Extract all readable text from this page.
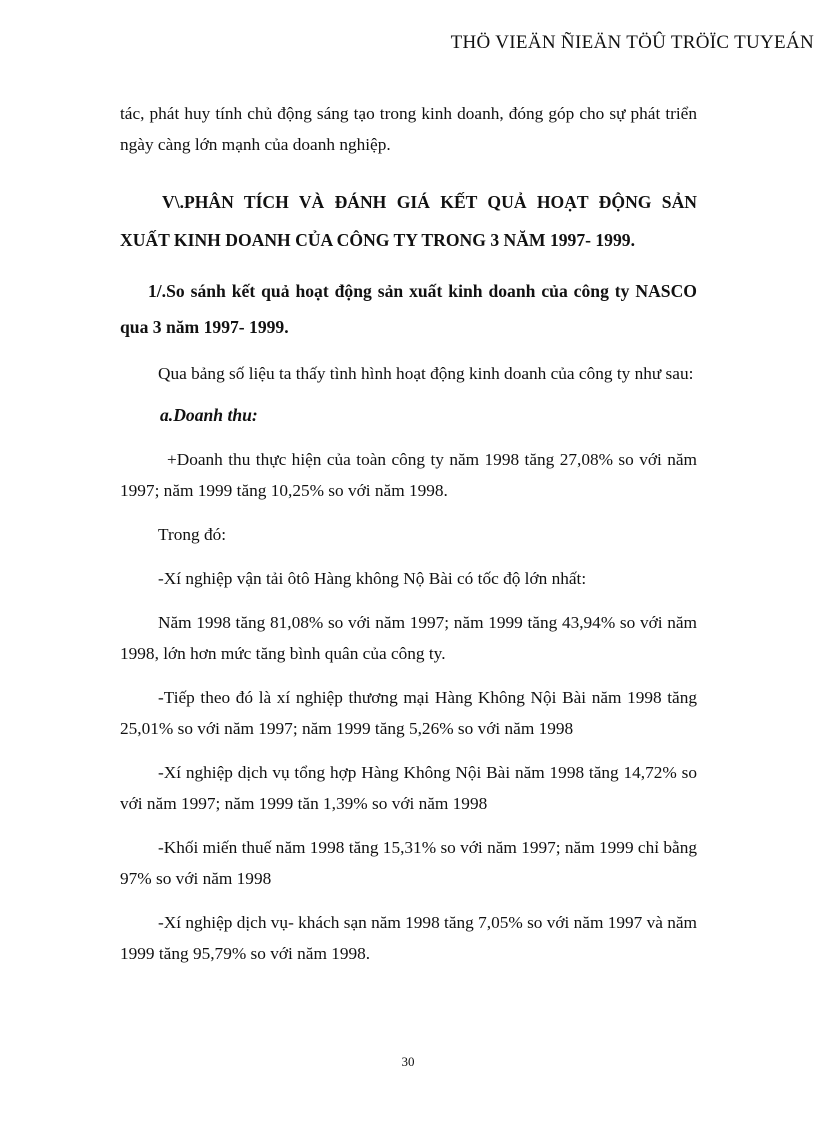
THÖ VIEÄN ÑIEÄN TÖÛ TRÖÏC TUYEÁN

tác, phát huy tính chủ động sáng tạo trong kinh doanh, đóng góp cho sự phát triển ngày càng lớn mạnh của doanh nghiệp.

V\.PHÂN TÍCH VÀ ĐÁNH GIÁ KẾT QUẢ HOẠT ĐỘNG SẢN XUẤT KINH DOANH CỦA CÔNG TY TRONG 3 NĂM 1997- 1999.

1/.So sánh kết quả hoạt động sản xuất kinh doanh của công ty NASCO qua 3 năm 1997- 1999.

Qua bảng số liệu ta thấy tình hình hoạt động kinh doanh của công ty như sau:

a.Doanh thu:

+Doanh thu thực hiện của toàn công ty năm 1998 tăng 27,08% so với năm 1997; năm 1999 tăng 10,25% so với năm 1998.

Trong đó:

-Xí nghiệp vận tải ôtô Hàng không Nộ Bài có tốc độ lớn nhất:

Năm 1998 tăng 81,08% so với năm 1997; năm 1999 tăng 43,94% so với năm 1998, lớn hơn mức tăng bình quân của công ty.

-Tiếp theo đó là xí nghiệp thương mại Hàng Không Nội Bài năm 1998 tăng 25,01% so với năm 1997; năm 1999 tăng 5,26% so với năm 1998

-Xí nghiệp dịch vụ tổng hợp Hàng Không Nội Bài năm 1998 tăng 14,72% so với năm 1997; năm 1999 tăn 1,39% so với năm 1998

-Khối miến thuế năm 1998 tăng 15,31% so với năm 1997; năm 1999 chỉ bằng 97% so với năm 1998

-Xí nghiệp dịch vụ- khách sạn năm 1998 tăng 7,05% so với năm 1997 và năm 1999 tăng 95,79% so với năm 1998.

30
